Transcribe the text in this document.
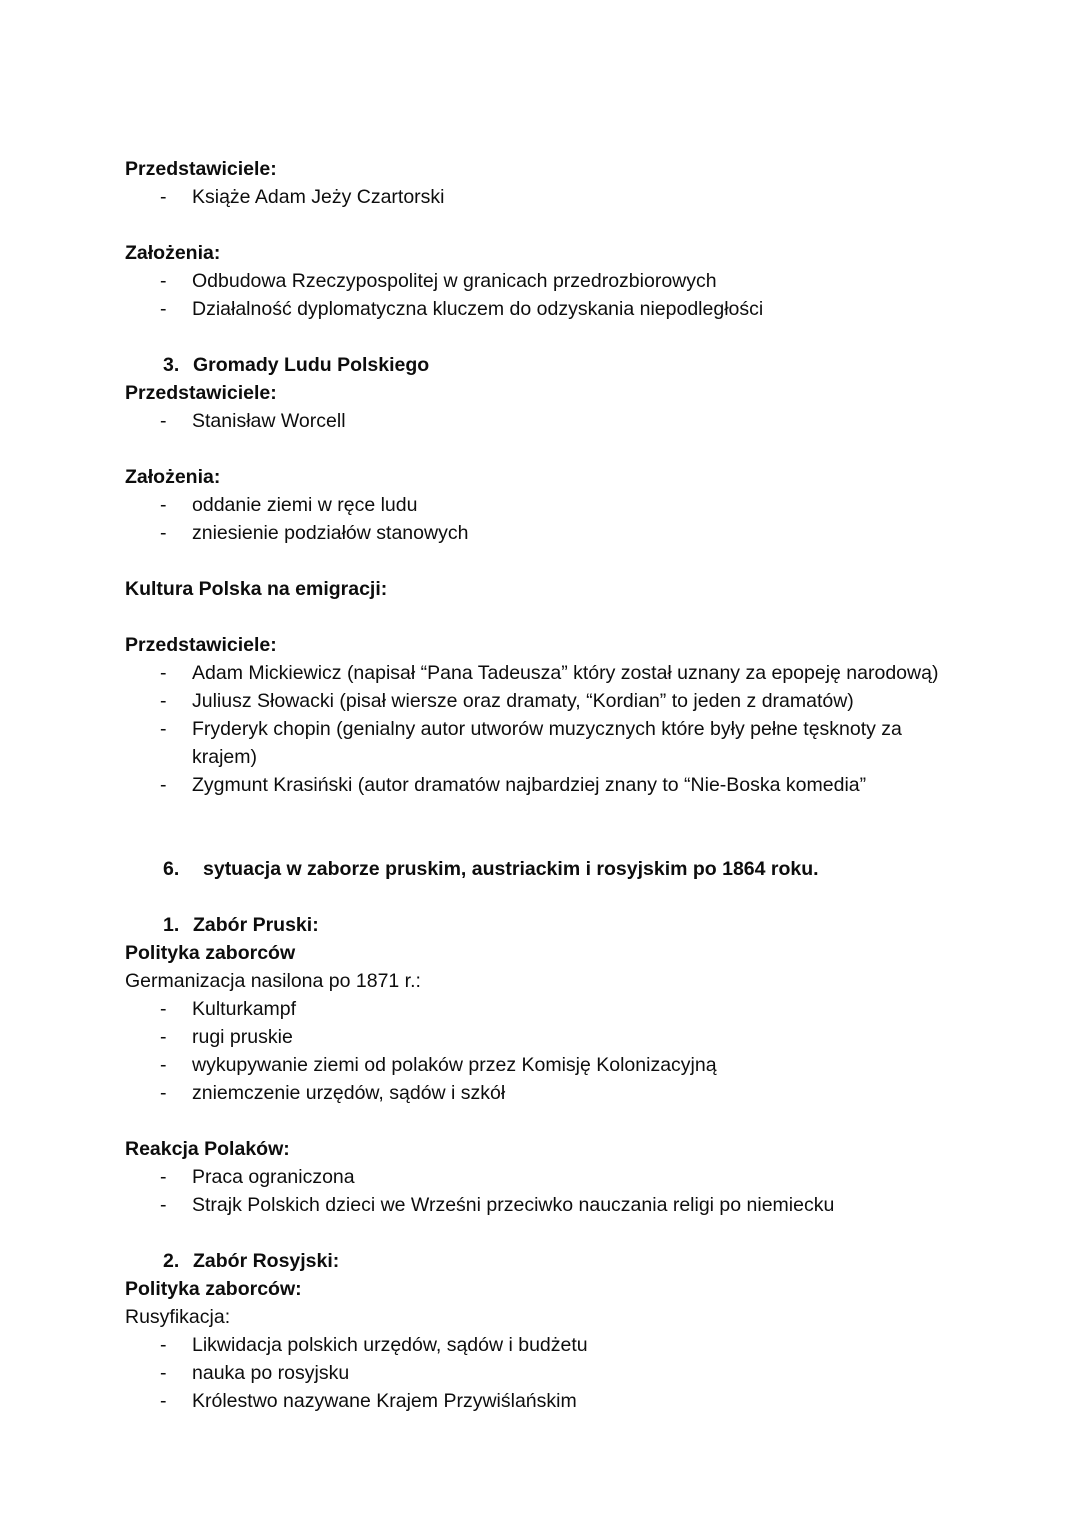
Przedstawiciele:

-	Książe Adam Jeży Czartorski

Założenia:

-	Odbudowa Rzeczypospolitej w granicach przedrozbiorowych
-	Działalność dyplomatyczna kluczem do odzyskania niepodległości
3. Gromady Ludu Polskiego

Przedstawiciele:

-	Stanisław Worcell

Założenia:

-	oddanie ziemi w ręce ludu
-	zniesienie podziałów stanowych

Kultura Polska na emigracji:

Przedstawiciele:

-	Adam Mickiewicz (napisał “Pana Tadeusza” który został uznany za epopeję narodową)
-	Juliusz Słowacki (pisał wiersze oraz dramaty, “Kordian” to jeden z dramatów)
-	Fryderyk chopin (genialny autor utworów muzycznych które były pełne tęsknoty za krajem)
-	Zygmunt Krasiński (autor dramatów najbardziej znany to “Nie-Boska komedia”
6.	sytuacja w zaborze pruskim, austriackim i rosyjskim po 1864 roku.
1. Zabór Pruski:

Polityka zaborców

Germanizacja nasilona po 1871 r.:

-	Kulturkampf
-	rugi pruskie
-	wykupywanie ziemi od polaków przez Komisję Kolonizacyjną
-	zniemczenie urzędów, sądów i szkół

Reakcja Polaków:

-	Praca ograniczona
-	Strajk Polskich dzieci we Wrześni przeciwko nauczania religi po niemiecku
2. Zabór Rosyjski:

Polityka zaborców:

Rusyfikacja:

-	Likwidacja polskich urzędów, sądów i budżetu
-	nauka po rosyjsku
-	Królestwo nazywane Krajem Przywiślańskim
